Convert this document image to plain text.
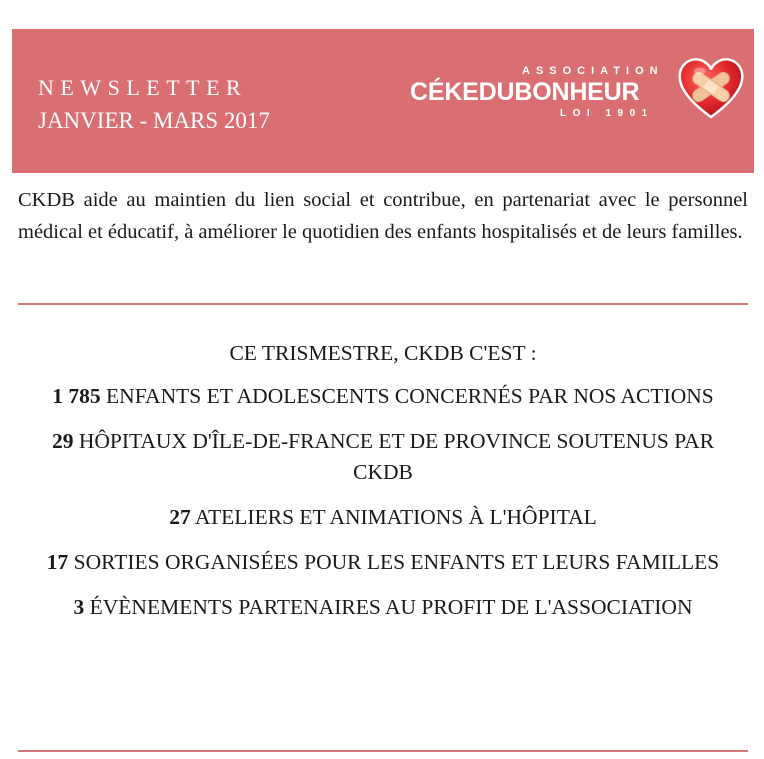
NEWSLETTER
JANVIER - MARS 2017
ASSOCIATION
CÉKEDUBONHEUR
LOI 1901
CKDB aide au maintien du lien social et contribue, en partenariat avec le personnel médical et éducatif, à améliorer le quotidien des enfants hospitalisés et de leurs familles.
CE TRISMESTRE, CKDB C'EST :
1 785 ENFANTS ET ADOLESCENTS CONCERNÉS PAR NOS ACTIONS
29 HÔPITAUX D'ÎLE-DE-FRANCE ET DE PROVINCE SOUTENUS PAR CKDB
27 ATELIERS ET ANIMATIONS À L'HÔPITAL
17 SORTIES ORGANISÉES POUR LES ENFANTS ET LEURS FAMILLES
3 ÉVÈNEMENTS PARTENAIRES AU PROFIT DE L'ASSOCIATION
